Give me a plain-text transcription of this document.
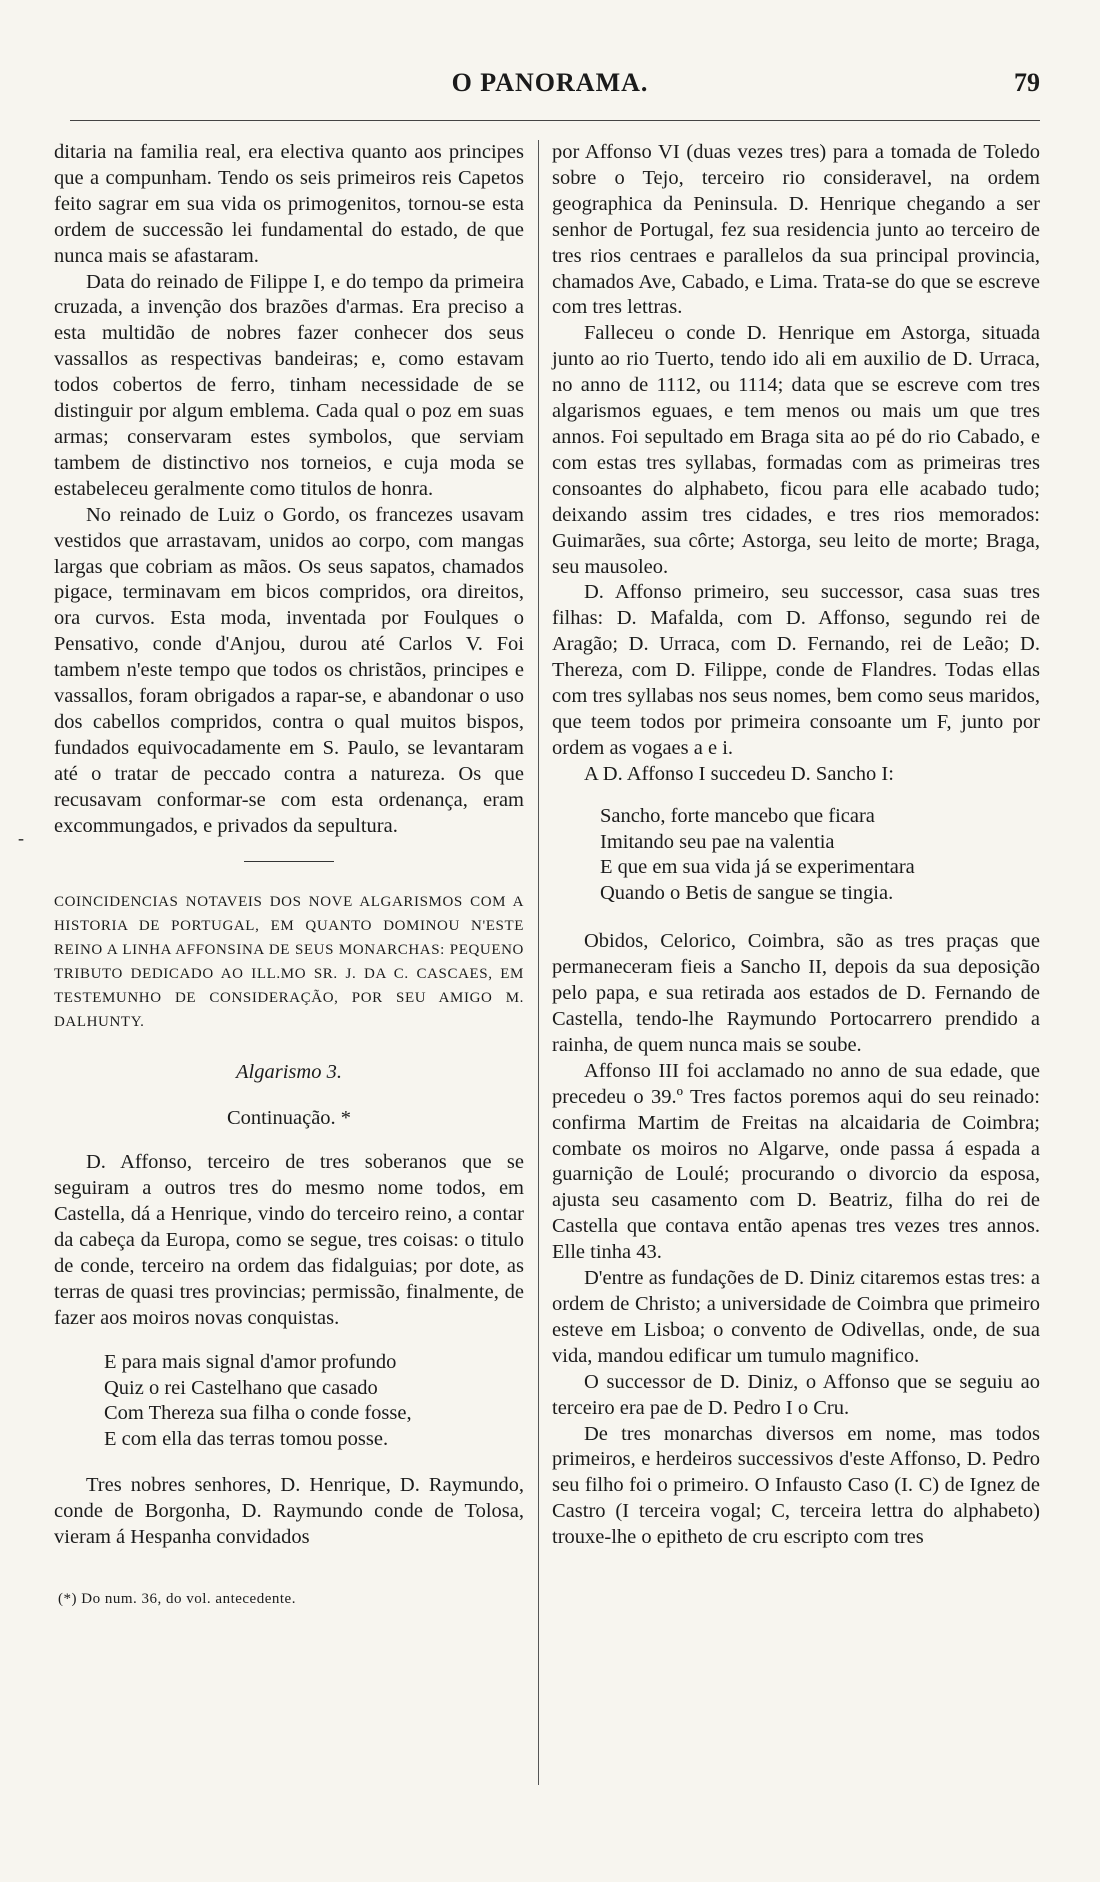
O PANORAMA.	79
-

ditaria na familia real, era electiva quanto aos principes que a compunham. Tendo os seis primeiros reis Capetos feito sagrar em sua vida os primogenitos, tornou-se esta ordem de successão lei fundamental do estado, de que nunca mais se afastaram.

Data do reinado de Filippe I, e do tempo da primeira cruzada, a invenção dos brazões d'armas. Era preciso a esta multidão de nobres fazer conhecer dos seus vassallos as respectivas bandeiras; e, como estavam todos cobertos de ferro, tinham necessidade de se distinguir por algum emblema. Cada qual o poz em suas armas; conservaram estes symbolos, que serviam tambem de distinctivo nos torneios, e cuja moda se estabeleceu geralmente como titulos de honra.

No reinado de Luiz o Gordo, os francezes usavam vestidos que arrastavam, unidos ao corpo, com mangas largas que cobriam as mãos. Os seus sapatos, chamados pigace, terminavam em bicos compridos, ora direitos, ora curvos. Esta moda, inventada por Foulques o Pensativo, conde d'Anjou, durou até Carlos V. Foi tambem n'este tempo que todos os christãos, principes e vassallos, foram obrigados a rapar-se, e abandonar o uso dos cabellos compridos, contra o qual muitos bispos, fundados equivocadamente em S. Paulo, se levantaram até o tratar de peccado contra a natureza. Os que recusavam conformar-se com esta ordenança, eram excommungados, e privados da sepultura.

COINCIDENCIAS NOTAVEIS DOS NOVE ALGARISMOS COM A HISTORIA DE PORTUGAL, EM QUANTO DOMINOU N'ESTE REINO A LINHA AFFONSINA DE SEUS MONARCHAS: PEQUENO TRIBUTO DEDICADO AO ILL.MO SR. J. DA C. CASCAES, EM TESTEMUNHO DE CONSIDERAÇÃO, POR SEU AMIGO M. DALHUNTY.
Algarismo 3.
Continuação. *

D. Affonso, terceiro de tres soberanos que se seguiram a outros tres do mesmo nome todos, em Castella, dá a Henrique, vindo do terceiro reino, a contar da cabeça da Europa, como se segue, tres coisas: o titulo de conde, terceiro na ordem das fidalguias; por dote, as terras de quasi tres provincias; permissão, finalmente, de fazer aos moiros novas conquistas.

E para mais signal d'amor profundo
Quiz o rei Castelhano que casado
Com Thereza sua filha o conde fosse,
E com ella das terras tomou posse.

Tres nobres senhores, D. Henrique, D. Raymundo, conde de Borgonha, D. Raymundo conde de Tolosa, vieram á Hespanha convidados

(*) Do num. 36, do vol. antecedente.

por Affonso VI (duas vezes tres) para a tomada de Toledo sobre o Tejo, terceiro rio consideravel, na ordem geographica da Peninsula. D. Henrique chegando a ser senhor de Portugal, fez sua residencia junto ao terceiro de tres rios centraes e parallelos da sua principal provincia, chamados Ave, Cabado, e Lima. Trata-se do que se escreve com tres lettras.

Falleceu o conde D. Henrique em Astorga, situada junto ao rio Tuerto, tendo ido ali em auxilio de D. Urraca, no anno de 1112, ou 1114; data que se escreve com tres algarismos eguaes, e tem menos ou mais um que tres annos. Foi sepultado em Braga sita ao pé do rio Cabado, e com estas tres syllabas, formadas com as primeiras tres consoantes do alphabeto, ficou para elle acabado tudo; deixando assim tres cidades, e tres rios memorados: Guimarães, sua côrte; Astorga, seu leito de morte; Braga, seu mausoleo.

D. Affonso primeiro, seu successor, casa suas tres filhas: D. Mafalda, com D. Affonso, segundo rei de Aragão; D. Urraca, com D. Fernando, rei de Leão; D. Thereza, com D. Filippe, conde de Flandres. Todas ellas com tres syllabas nos seus nomes, bem como seus maridos, que teem todos por primeira consoante um F, junto por ordem as vogaes a e i.

A D. Affonso I succedeu D. Sancho I:

Sancho, forte mancebo que ficara
Imitando seu pae na valentia
E que em sua vida já se experimentara
Quando o Betis de sangue se tingia.

Obidos, Celorico, Coimbra, são as tres praças que permaneceram fieis a Sancho II, depois da sua deposição pelo papa, e sua retirada aos estados de D. Fernando de Castella, tendo-lhe Raymundo Portocarrero prendido a rainha, de quem nunca mais se soube.

Affonso III foi acclamado no anno de sua edade, que precedeu o 39.º Tres factos poremos aqui do seu reinado: confirma Martim de Freitas na alcaidaria de Coimbra; combate os moiros no Algarve, onde passa á espada a guarnição de Loulé; procurando o divorcio da esposa, ajusta seu casamento com D. Beatriz, filha do rei de Castella que contava então apenas tres vezes tres annos. Elle tinha 43.

D'entre as fundações de D. Diniz citaremos estas tres: a ordem de Christo; a universidade de Coimbra que primeiro esteve em Lisboa; o convento de Odivellas, onde, de sua vida, mandou edificar um tumulo magnifico.

O successor de D. Diniz, o Affonso que se seguiu ao terceiro era pae de D. Pedro I o Cru.

De tres monarchas diversos em nome, mas todos primeiros, e herdeiros successivos d'este Affonso, D. Pedro seu filho foi o primeiro. O Infausto Caso (I. C) de Ignez de Castro (I terceira vogal; C, terceira lettra do alphabeto) trouxe-lhe o epitheto de cru escripto com tres
